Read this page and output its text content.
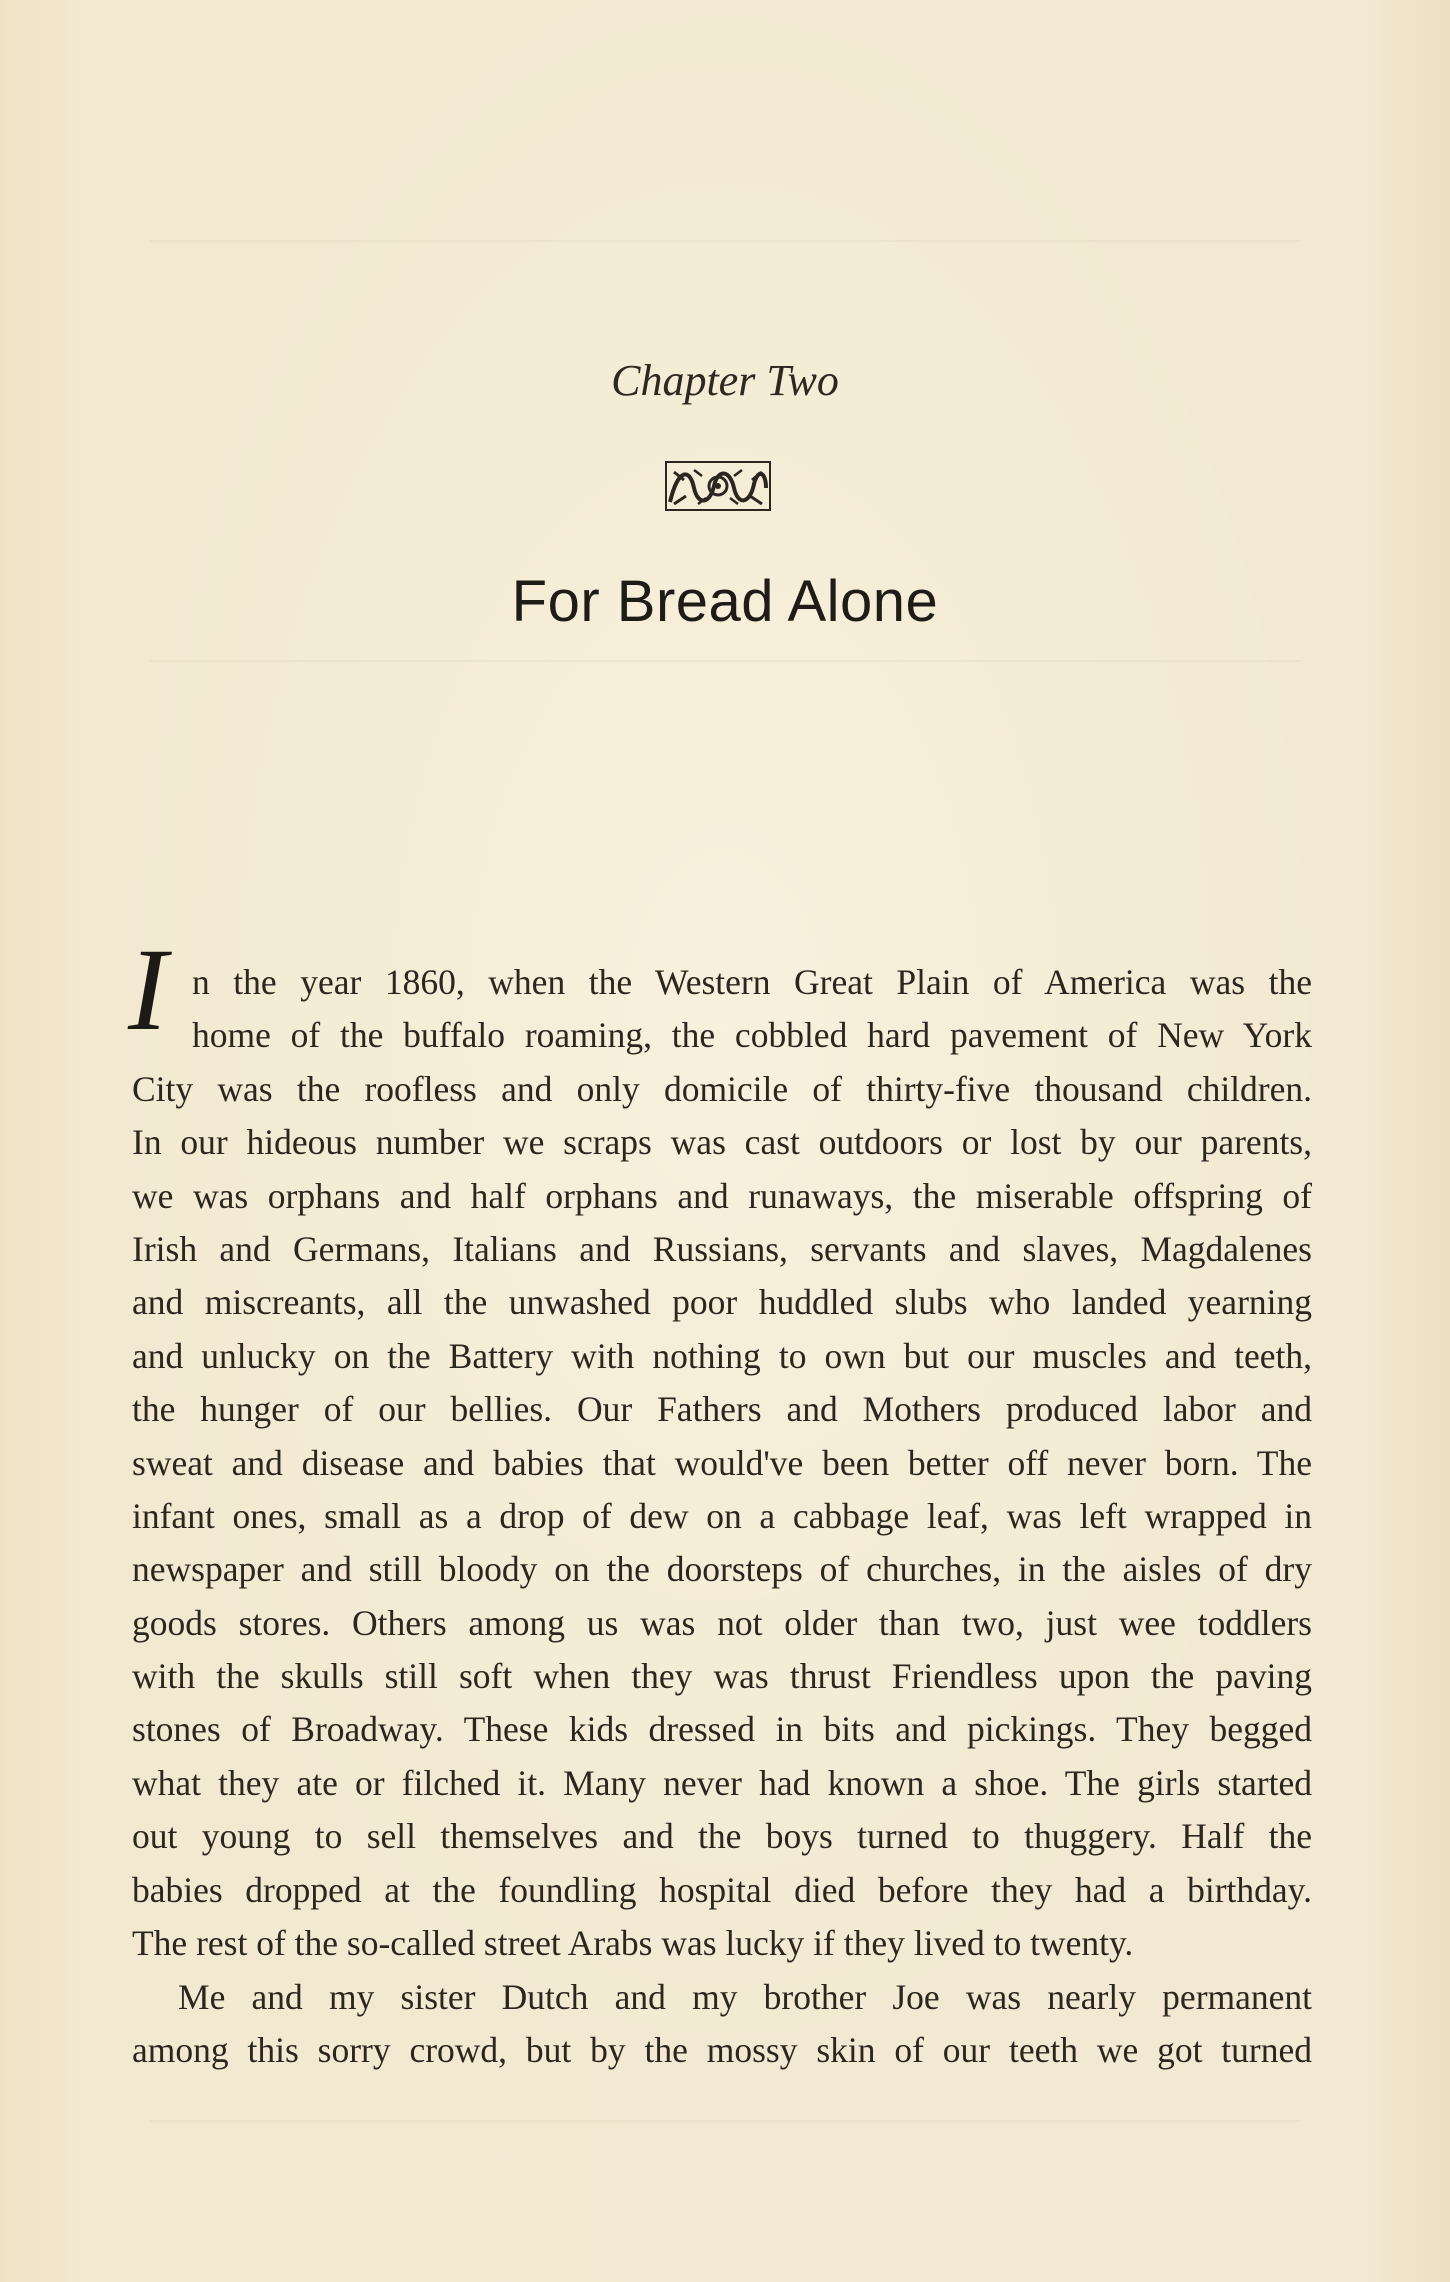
Chapter Two
For Bread Alone
I n the year 1860, when the Western Great Plain of America was the
home of the buffalo roaming, the cobbled hard pavement of New York
City was the roofless and only domicile of thirty-five thousand children.
In our hideous number we scraps was cast outdoors or lost by our parents,
we was orphans and half orphans and runaways, the miserable offspring of
Irish and Germans, Italians and Russians, servants and slaves, Magdalenes
and miscreants, all the unwashed poor huddled slubs who landed yearning
and unlucky on the Battery with nothing to own but our muscles and teeth,
the hunger of our bellies. Our Fathers and Mothers produced labor and
sweat and disease and babies that would've been better off never born. The
infant ones, small as a drop of dew on a cabbage leaf, was left wrapped in
newspaper and still bloody on the doorsteps of churches, in the aisles of dry
goods stores. Others among us was not older than two, just wee toddlers
with the skulls still soft when they was thrust Friendless upon the paving
stones of Broadway. These kids dressed in bits and pickings. They begged
what they ate or filched it. Many never had known a shoe. The girls started
out young to sell themselves and the boys turned to thuggery. Half the
babies dropped at the foundling hospital died before they had a birthday.
The rest of the so-called street Arabs was lucky if they lived to twenty.
Me and my sister Dutch and my brother Joe was nearly permanent
among this sorry crowd, but by the mossy skin of our teeth we got turned
